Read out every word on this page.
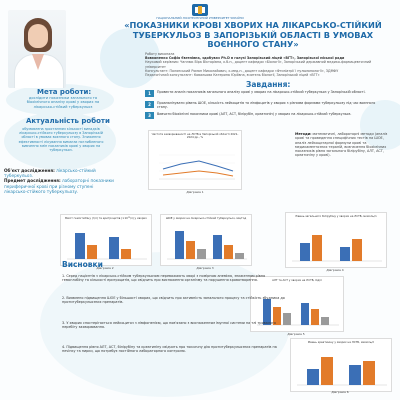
НАЦІОНАЛЬНИЙ ЛІСОТЕХНІЧНИЙ УНІВЕРСИТЕТ УКРАЇНИ
«ПОКАЗНИКИ КРОВІ ХВОРИХ НА ЛІКАРСЬКО-СТІЙКИЙ ТУБЕРКУЛЬОЗ В ЗАПОРІЗЬКІЙ ОБЛАСТІ В УМОВАХ ВОЄННОГО СТАНУ»
Роботу виконала
Вовкиненко Софія Євгенівна, здобувач Ph.D в галузі Запорізький ліцей «ВГТ», Запорізької міської ради
Науковий керівник: Чаплюк Віра Вікторівна, к.б.н., доцент кафедри «Біології», Запорізький державний медико-фармацевтичний університет
Консультант: Полянський Роман Миколайович, к.мед.н., доцент кафедри «Фтизіатрії і пульмонології», ЗДМФУ
Педагогічний консультант: Ковальова Катерина Юріївна, вчитель біології, Запорізький ліцей «ВГТ»
Мета роботи:
дослідити показники загального та біохімічного аналізу крові у хворих на лікарсько-стійкий туберкульоз
Актуальність роботи
обумовлена зростанням кількості випадків лікарсько-стійкого туберкульозу в Запорізькій області в умовах воєнного стану. Зниження ефективності лікування вимагає поглибленого вивчення змін показників крові у хворих на туберкульоз.
Завдання:
1 Провести аналіз показників загального аналізу крові у хворих на лікарсько-стійкий туберкульоз у Запорізькій області.
2 Проаналізувати рівень ШОЕ, кількість лейкоцитів та лімфоцитів у хворих з різними формами туберкульозу під час воєнного стану.
3 Вивчити біохімічні показники крові (АЛТ, АСТ, білірубін, креатинін) у хворих на лікарсько-стійкий туберкульоз.
Об'єкт дослідження: лікарсько-стійкий туберкульоз.
Предмет дослідження: лабораторні показники периферичної крові при різному ступені лікарсько-стійкого туберкульозу.
Методи: математичні, лабораторні методи (аналіз крові та проведення специфічних тестів на ШОЕ, аналіз лейкоцитарної формули крові та медикаментозних терапій, визначення біохімічних показників рівня загального білірубіну, АЛТ, АСТ, креатиніну у крові).
Частота захворюваності на ЛСТБ в Запорізькій області 2021-2024 рр., %
Діаграма 1
Вміст гемоглобіну (г/л) та еритроцитів (×10¹²/л) у хворих
Діаграма 2
ШОЕ у хворих на лікарсько-стійкий туберкульоз, мм/год
Діаграма 3
Рівень загального білірубіну у хворих на ЛСТБ, мкмоль/л
Діаграма 4
АЛТ та АСТ у хворих на ЛСТБ, Од/л
Діаграма 5
Рівень креатиніну у хворих на ЛСТБ, мкмоль/л
Діаграма 6
Висновки
1. Серед пацієнтів з лікарсько-стійким туберкульозом переважають хворі з помірною анемією, зниженням рівня гемоглобіну та кількості еритроцитів, що свідчить про виснаження організму та порушення кровотворення.
2. Виявлено підвищення ШОЕ у більшості хворих, що свідчить про активність запального процесу та стійкість збудника до протитуберкульозних препаратів.
3. У хворих спостерігається лейкоцитоз з лімфопенією, що пов'язано з виснаженням імунної системи на тлі тривалого перебігу захворювання.
4. Підвищення рівня АЛТ, АСТ, білірубіну та креатиніну свідчить про токсичну дію протитуберкульозних препаратів на печінку та нирки, що потребує постійного лабораторного контролю.
